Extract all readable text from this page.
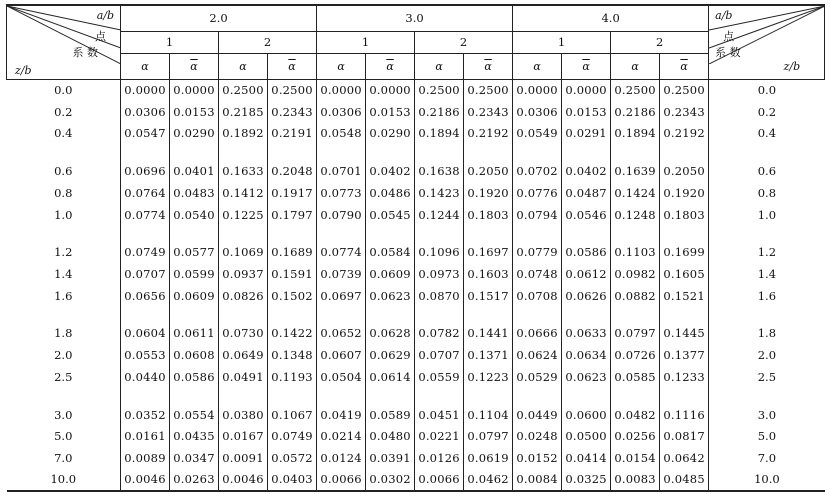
a/b
点
系 数
z/b	2.0				3.0				4.0				a/b
点
系 数
z/b

	1		2		1		2		1		2		
	α	$\overline{\alpha}$	α	$\overline{\alpha}$	α	$\overline{\alpha}$	α	$\overline{\alpha}$	α	$\overline{\alpha}$	α	$\overline{\alpha}$
0.0	0.0000	0.0000	0.2500	0.2500	0.0000	0.0000	0.2500	0.2500	0.0000	0.0000	0.2500	0.2500	0.0
0.2	0.0306	0.0153	0.2185	0.2343	0.0306	0.0153	0.2186	0.2343	0.0306	0.0153	0.2186	0.2343	0.2
0.4	0.0547	0.0290	0.1892	0.2191	0.0548	0.0290	0.1894	0.2192	0.0549	0.0291	0.1894	0.2192	0.4

0.6	0.0696	0.0401	0.1633	0.2048	0.0701	0.0402	0.1638	0.2050	0.0702	0.0402	0.1639	0.2050	0.6
0.8	0.0764	0.0483	0.1412	0.1917	0.0773	0.0486	0.1423	0.1920	0.0776	0.0487	0.1424	0.1920	0.8
1.0	0.0774	0.0540	0.1225	0.1797	0.0790	0.0545	0.1244	0.1803	0.0794	0.0546	0.1248	0.1803	1.0

1.2	0.0749	0.0577	0.1069	0.1689	0.0774	0.0584	0.1096	0.1697	0.0779	0.0586	0.1103	0.1699	1.2
1.4	0.0707	0.0599	0.0937	0.1591	0.0739	0.0609	0.0973	0.1603	0.0748	0.0612	0.0982	0.1605	1.4
1.6	0.0656	0.0609	0.0826	0.1502	0.0697	0.0623	0.0870	0.1517	0.0708	0.0626	0.0882	0.1521	1.6

1.8	0.0604	0.0611	0.0730	0.1422	0.0652	0.0628	0.0782	0.1441	0.0666	0.0633	0.0797	0.1445	1.8
2.0	0.0553	0.0608	0.0649	0.1348	0.0607	0.0629	0.0707	0.1371	0.0624	0.0634	0.0726	0.1377	2.0
2.5	0.0440	0.0586	0.0491	0.1193	0.0504	0.0614	0.0559	0.1223	0.0529	0.0623	0.0585	0.1233	2.5

3.0	0.0352	0.0554	0.0380	0.1067	0.0419	0.0589	0.0451	0.1104	0.0449	0.0600	0.0482	0.1116	3.0
5.0	0.0161	0.0435	0.0167	0.0749	0.0214	0.0480	0.0221	0.0797	0.0248	0.0500	0.0256	0.0817	5.0
7.0	0.0089	0.0347	0.0091	0.0572	0.0124	0.0391	0.0126	0.0619	0.0152	0.0414	0.0154	0.0642	7.0
10.0	0.0046	0.0263	0.0046	0.0403	0.0066	0.0302	0.0066	0.0462	0.0084	0.0325	0.0083	0.0485	10.0
